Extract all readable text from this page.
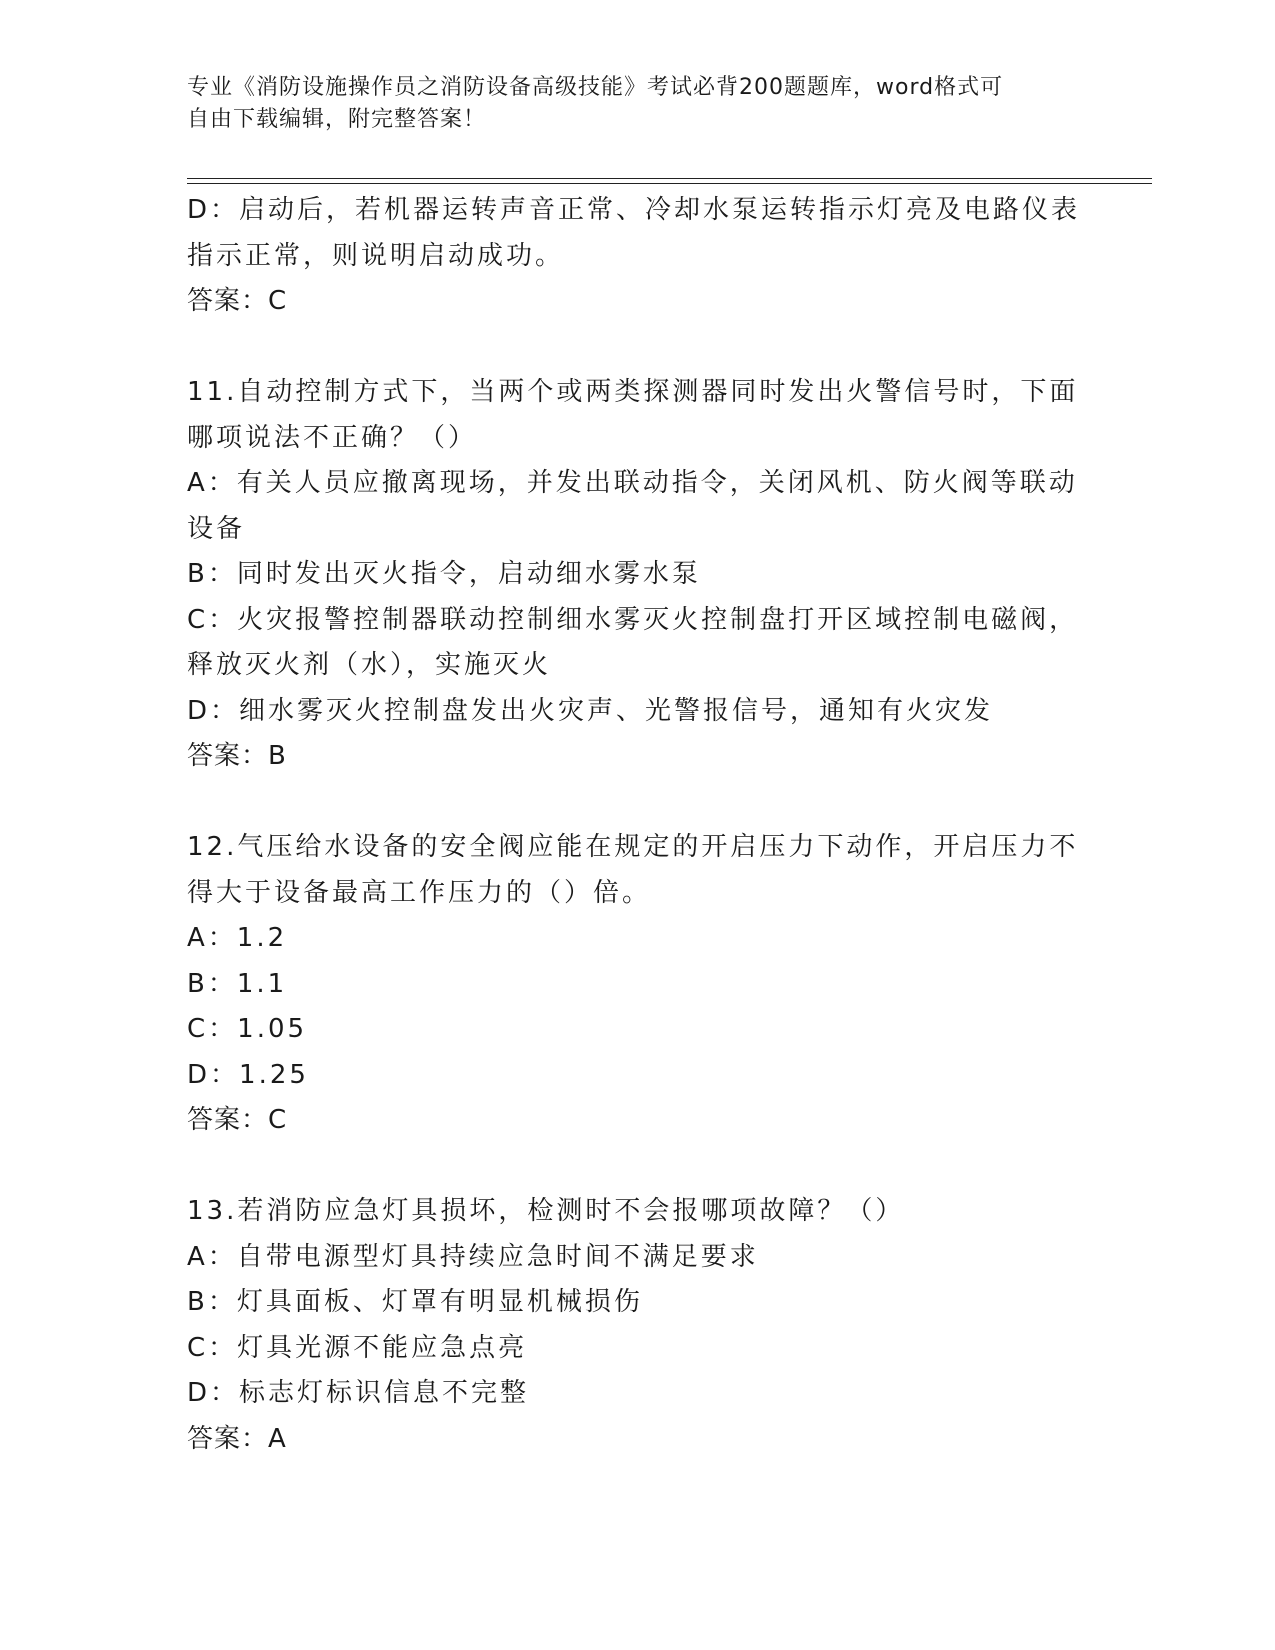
专业《消防设施操作员之消防设备高级技能》考试必背200题题库，word格式可
自由下载编辑，附完整答案！

D：启动后，若机器运转声音正常、冷却水泵运转指示灯亮及电路仪表

指示正常，则说明启动成功。

答案：C

11.自动控制方式下，当两个或两类探测器同时发出火警信号时，下面

哪项说法不正确？（）

A：有关人员应撤离现场，并发出联动指令，关闭风机、防火阀等联动

设备

B：同时发出灭火指令，启动细水雾水泵

C：火灾报警控制器联动控制细水雾灭火控制盘打开区域控制电磁阀，

释放灭火剂（水），实施灭火

D：细水雾灭火控制盘发出火灾声、光警报信号，通知有火灾发

答案：B

12.气压给水设备的安全阀应能在规定的开启压力下动作，开启压力不

得大于设备最高工作压力的（）倍。

A：1.2

B：1.1

C：1.05

D：1.25

答案：C

13.若消防应急灯具损坏，检测时不会报哪项故障？（）

A：自带电源型灯具持续应急时间不满足要求

B：灯具面板、灯罩有明显机械损伤

C：灯具光源不能应急点亮

D：标志灯标识信息不完整

答案：A
